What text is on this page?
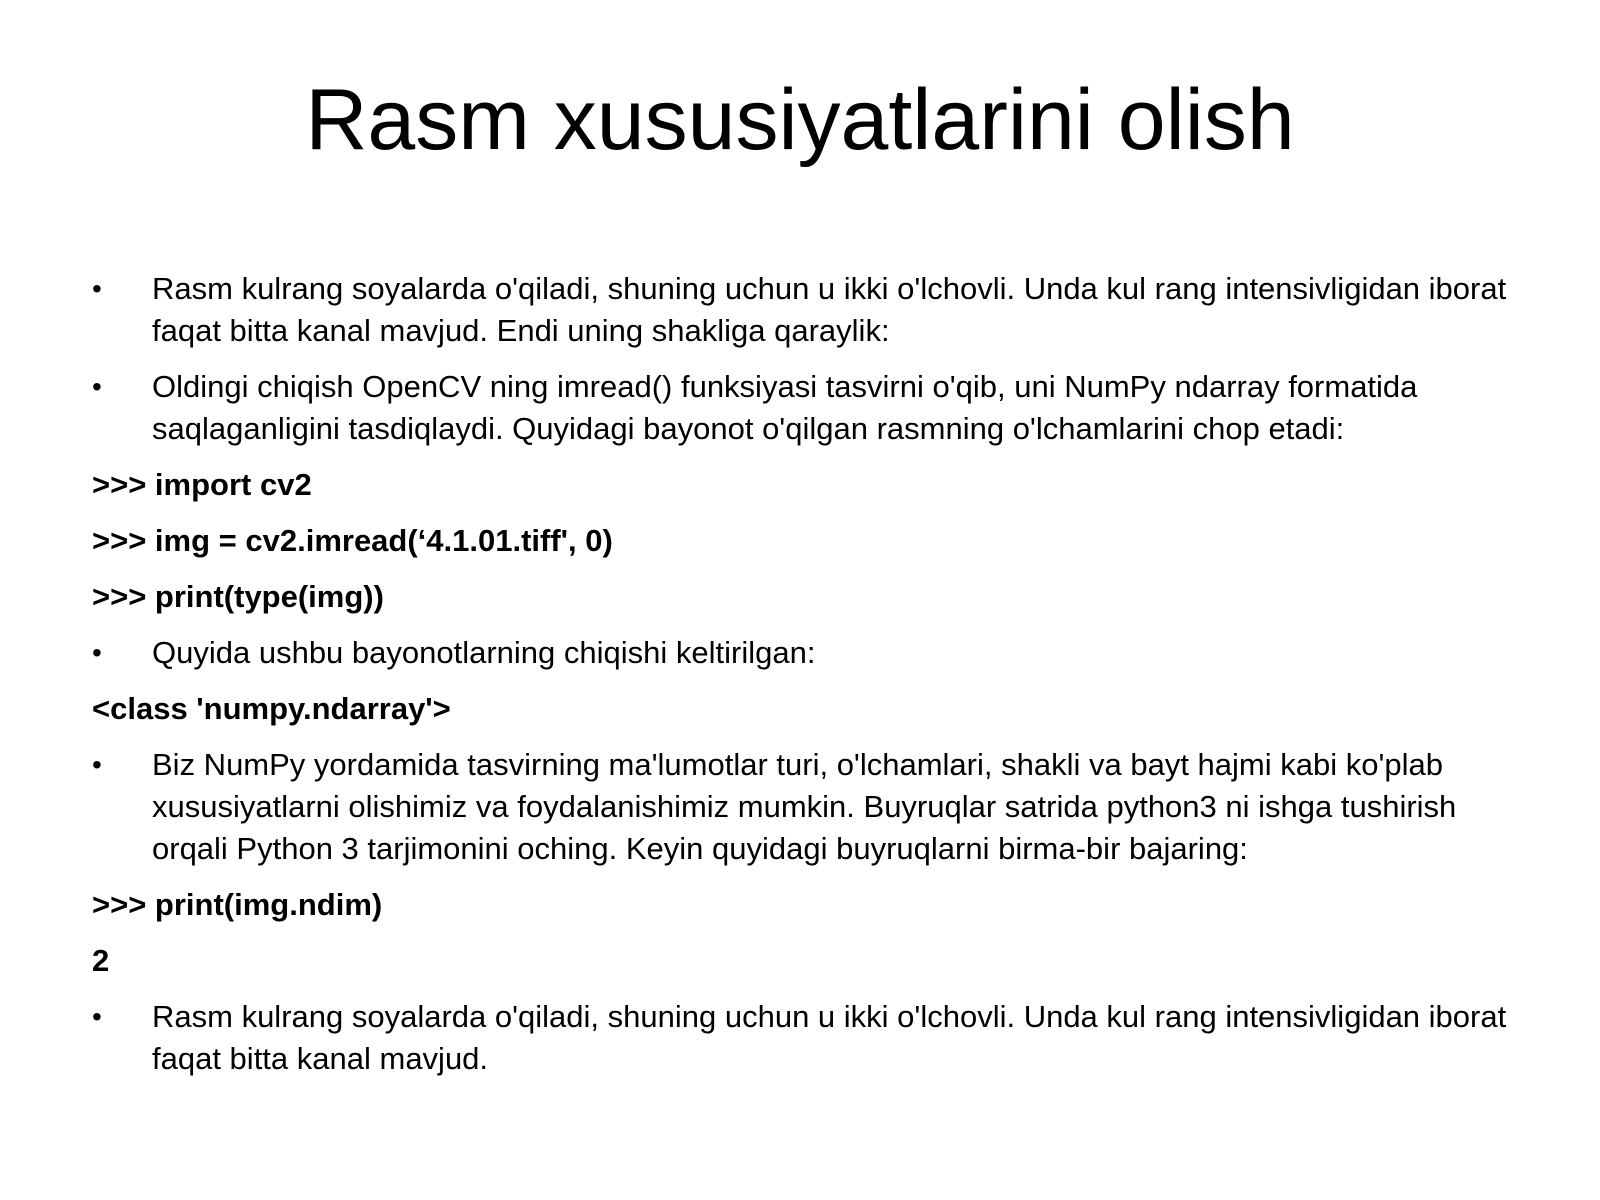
Rasm xususiyatlarini olish
•	Rasm kulrang soyalarda o'qiladi, shuning uchun u ikki o'lchovli. Unda kul rang intensivligidan iborat faqat bitta kanal mavjud. Endi uning shakliga qaraylik:
•	Oldingi chiqish OpenCV ning imread() funksiyasi tasvirni o'qib, uni NumPy ndarray formatida saqlaganligini tasdiqlaydi. Quyidagi bayonot o'qilgan rasmning o'lchamlarini chop etadi:
>>> import cv2
>>> img = cv2.imread(‘4.1.01.tiff', 0)
>>> print(type(img))
•	Quyida ushbu bayonotlarning chiqishi keltirilgan:
<class 'numpy.ndarray'>
•	Biz NumPy yordamida tasvirning ma'lumotlar turi, o'lchamlari, shakli va bayt hajmi kabi ko'plab xususiyatlarni olishimiz va foydalanishimiz mumkin. Buyruqlar satrida python3 ni ishga tushirish orqali Python 3 tarjimonini oching. Keyin quyidagi buyruqlarni birma-bir bajaring:
>>> print(img.ndim)
2
•	Rasm kulrang soyalarda o'qiladi, shuning uchun u ikki o'lchovli. Unda kul rang intensivligidan iborat faqat bitta kanal mavjud.
